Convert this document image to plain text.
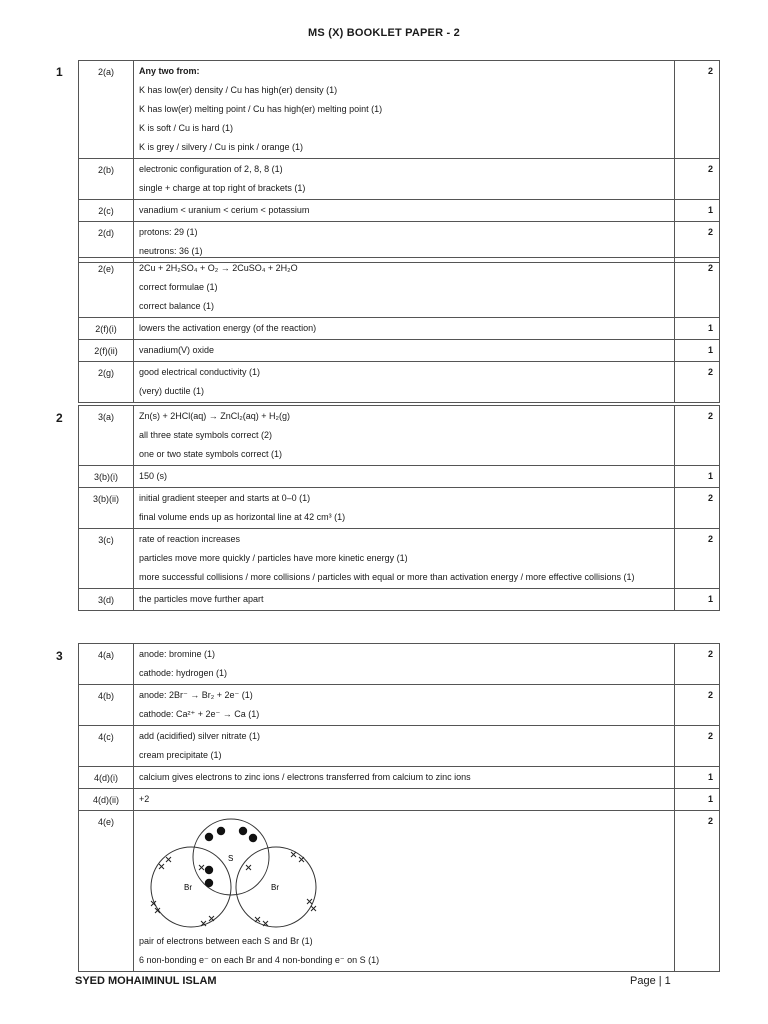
MS (X) BOOKLET PAPER - 2
1	2(a)	Any two from:
K has low(er) density / Cu has high(er) density (1)
K has low(er) melting point / Cu has high(er) melting point (1)
K is soft / Cu is hard (1)
K is grey / silvery / Cu is pink / orange (1)	2
2(b)	electronic configuration of 2, 8, 8 (1)
single + charge at top right of brackets (1)	2
2(c)	vanadium < uranium < cerium < potassium	1
2(d)	protons: 29 (1)
neutrons: 36 (1)	2
2(e)	2Cu + 2H₂SO₄ + O₂ → 2CuSO₄ + 2H₂O
correct formulae (1)
correct balance (1)	2
2(f)(i)	lowers the activation energy (of the reaction)	1
2(f)(ii)	vanadium(V) oxide	1
2(g)	good electrical conductivity (1)
(very) ductile (1)	2
2	3(a)	Zn(s) + 2HCl(aq) → ZnCl₂(aq) + H₂(g)
all three state symbols correct (2)
one or two state symbols correct (1)	2
3(b)(i)	150 (s)	1
3(b)(ii)	initial gradient steeper and starts at 0–0 (1)
final volume ends up as horizontal line at 42 cm³ (1)	2
3(c)	rate of reaction increases
particles move more quickly / particles have more kinetic energy (1)
more successful collisions / more collisions / particles with equal or more than activation energy / more effective collisions (1)	2
3(d)	the particles move further apart	1
3	4(a)	anode: bromine (1)
cathode: hydrogen (1)	2
4(b)	anode: 2Br⁻ → Br₂ + 2e⁻ (1)
cathode: Ca²⁺ + 2e⁻ → Ca (1)	2
4(c)	add (acidified) silver nitrate (1)
cream precipitate (1)	2
4(d)(i)	calcium gives electrons to zinc ions / electrons transferred from calcium to zinc ions	1
4(d)(ii)	+2	1
4(e)	Br
S
Br
pair of electrons between each S and Br (1)
6 non-bonding e⁻ on each Br and 4 non-bonding e⁻ on S (1)	2
SYED MOHAIMINUL ISLAM	Page | 1
